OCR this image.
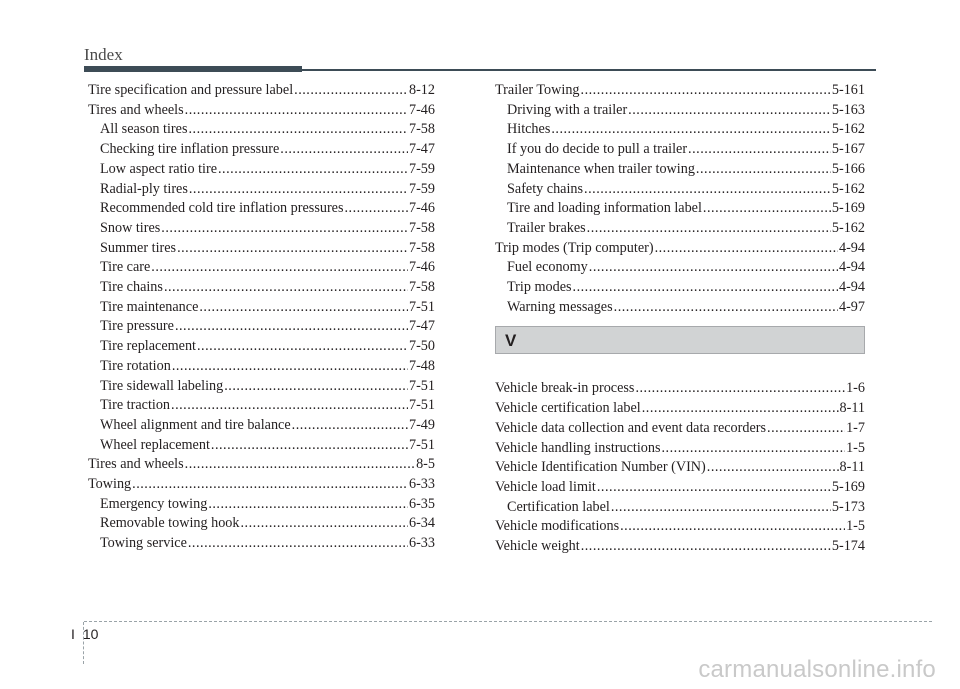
Index
Tire specification and pressure label .....	8-12
Tires and wheels .....	7-46
All season tires .....	7-58
Checking tire inflation pressure .....	7-47
Low aspect ratio tire .....	7-59
Radial-ply tires .....	7-59
Recommended cold tire inflation pressures .....	7-46
Snow tires .....	7-58
Summer tires .....	7-58
Tire care .....	7-46
Tire chains .....	7-58
Tire maintenance .....	7-51
Tire pressure .....	7-47
Tire replacement .....	7-50
Tire rotation .....	7-48
Tire sidewall labeling .....	7-51
Tire traction .....	7-51
Wheel alignment and tire balance .....	7-49
Wheel replacement .....	7-51
Tires and wheels .....	8-5
Towing .....	6-33
Emergency towing .....	6-35
Removable towing hook .....	6-34
Towing service .....	6-33
Trailer Towing .....	5-161
Driving with a trailer .....	5-163
Hitches .....	5-162
If you do decide to pull a trailer .....	5-167
Maintenance when trailer towing .....	5-166
Safety chains .....	5-162
Tire and loading information label .....	5-169
Trailer brakes .....	5-162
Trip modes (Trip computer) .....	4-94
Fuel economy .....	4-94
Trip modes .....	4-94
Warning messages .....	4-97
V
Vehicle break-in process .....	1-6
Vehicle certification label .....	8-11
Vehicle data collection and event data recorders .....	1-7
Vehicle handling instructions .....	1-5
Vehicle Identification Number (VIN) .....	8-11
Vehicle load limit .....	5-169
Certification label .....	5-173
Vehicle modifications .....	1-5
Vehicle weight .....	5-174
I 10
carmanualsonline.info
